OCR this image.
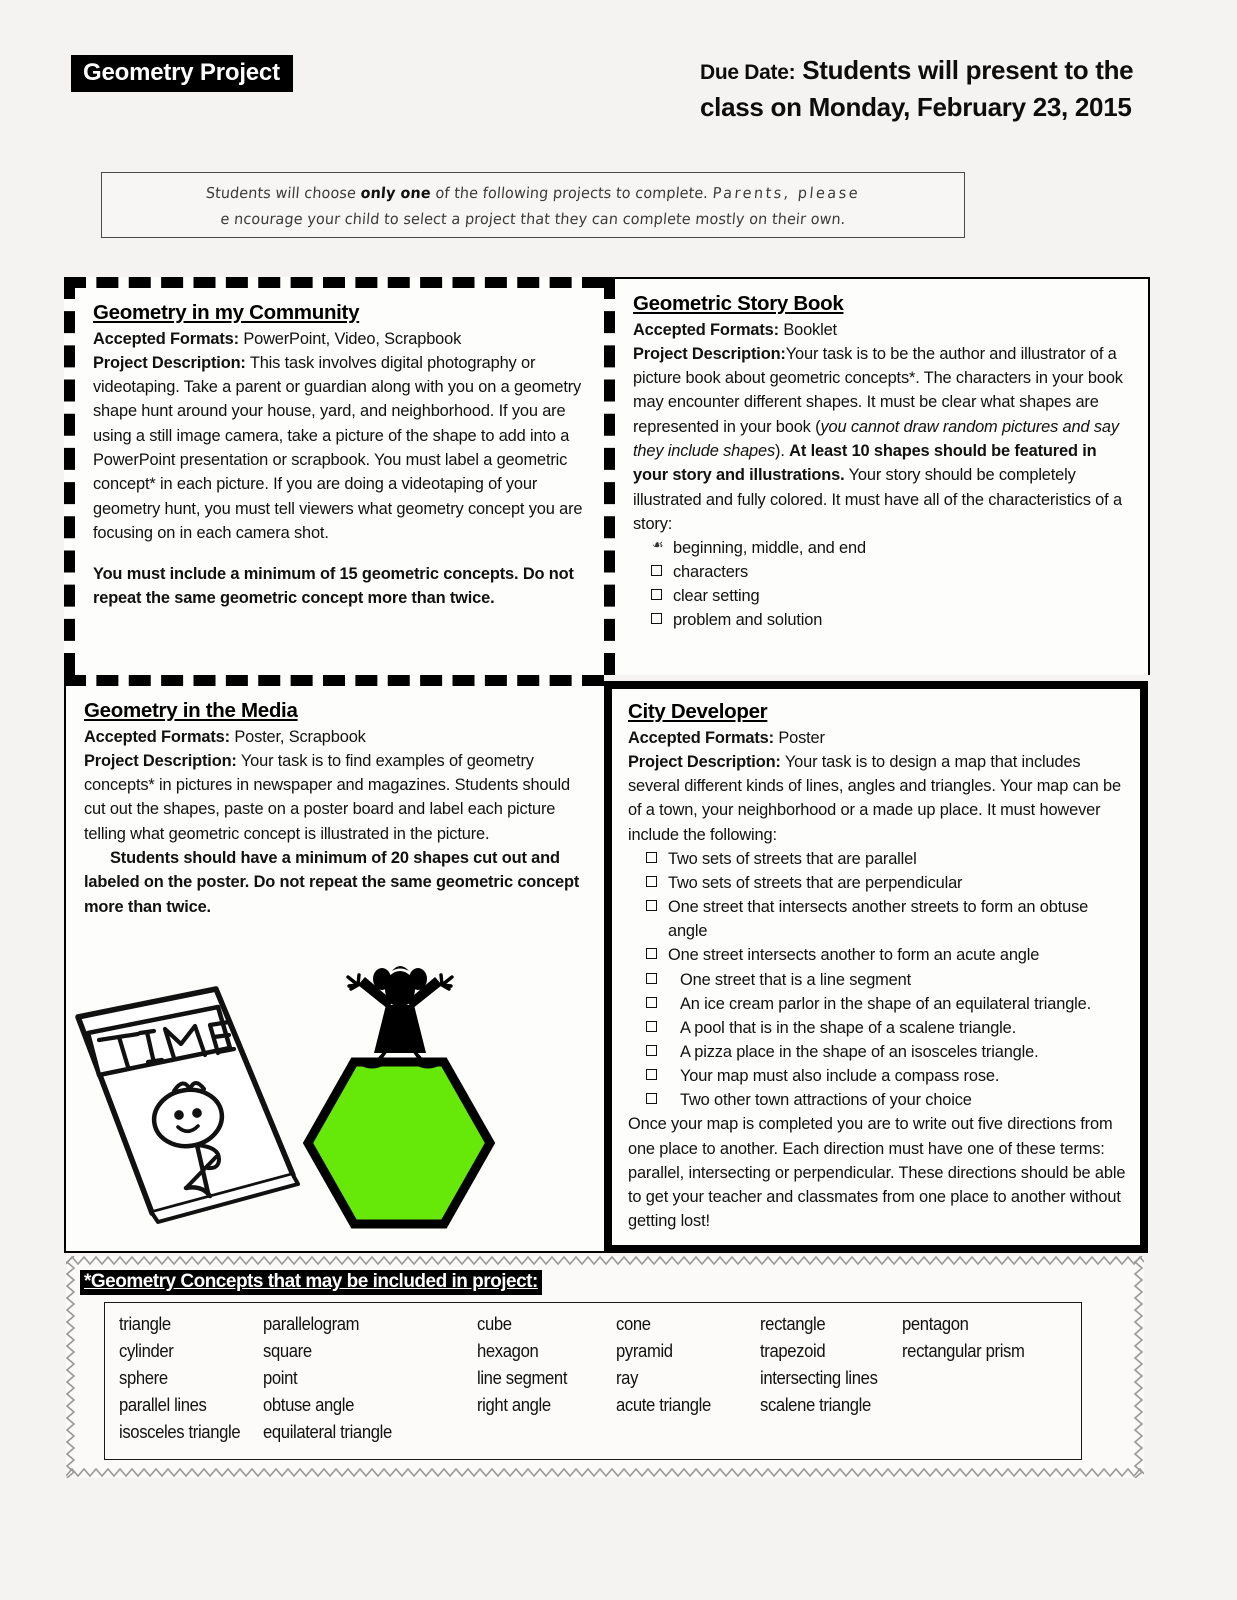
Geometry Project	Due Date: Students will present to the class on Monday, February 23, 2015
Students will choose only one of the following projects to complete. Parents, please
e ncourage your child to select a project that they can complete mostly on their own.
Geometry in my Community

Accepted Formats: PowerPoint, Video, Scrapbook

Project Description: This task involves digital photography or videotaping. Take a parent or guardian along with you on a geometry shape hunt around your house, yard, and neighborhood. If you are using a still image camera, take a picture of the shape to add into a PowerPoint presentation or scrapbook. You must label a geometric concept* in each picture. If you are doing a videotaping of your geometry hunt, you must tell viewers what geometry concept you are focusing on in each camera shot.

You must include a minimum of 15 geometric concepts. Do not repeat the same geometric concept more than twice.

Geometric Story Book

Accepted Formats: Booklet

Project Description:Your task is to be the author and illustrator of a picture book about geometric concepts*. The characters in your book may encounter different shapes. It must be clear what shapes are represented in your book (you cannot draw random pictures and say they include shapes). At least 10 shapes should be featured in your story and illustrations. Your story should be completely illustrated and fully colored. It must have all of the characteristics of a story:

☙ beginning, middle, and end
characters
clear setting
problem and solution
Geometry in the Media

Accepted Formats: Poster, Scrapbook

Project Description: Your task is to find examples of geometry concepts* in pictures in newspaper and magazines. Students should cut out the shapes, paste on a poster board and label each picture telling what geometric concept is illustrated in the picture.

Students should have a minimum of 20 shapes cut out and labeled on the poster. Do not repeat the same geometric concept more than twice.

City Developer

Accepted Formats: Poster

Project Description: Your task is to design a map that includes several different kinds of lines, angles and triangles. Your map can be of a town, your neighborhood or a made up place. It must however include the following:

Two sets of streets that are parallel
Two sets of streets that are perpendicular
One street that intersects another streets to form an obtuse angle
One street intersects another to form an acute angle
One street that is a line segment
An ice cream parlor in the shape of an equilateral triangle.
A pool that is in the shape of a scalene triangle.
A pizza place in the shape of an isosceles triangle.
Your map must also include a compass rose.
Two other town attractions of your choice

Once your map is completed you are to write out five directions from one place to another. Each direction must have one of these terms: parallel, intersecting or perpendicular. These directions should be able to get your teacher and classmates from one place to another without getting lost!

*Geometry Concepts that may be included in project:
triangle	parallelogram	cube	cone	rectangle	pentagon
cylinder	square	hexagon	pyramid	trapezoid	rectangular prism
sphere	point	line segment	ray	intersecting lines
parallel lines	obtuse angle	right angle	acute triangle	scalene triangle
isosceles triangle	equilateral triangle
